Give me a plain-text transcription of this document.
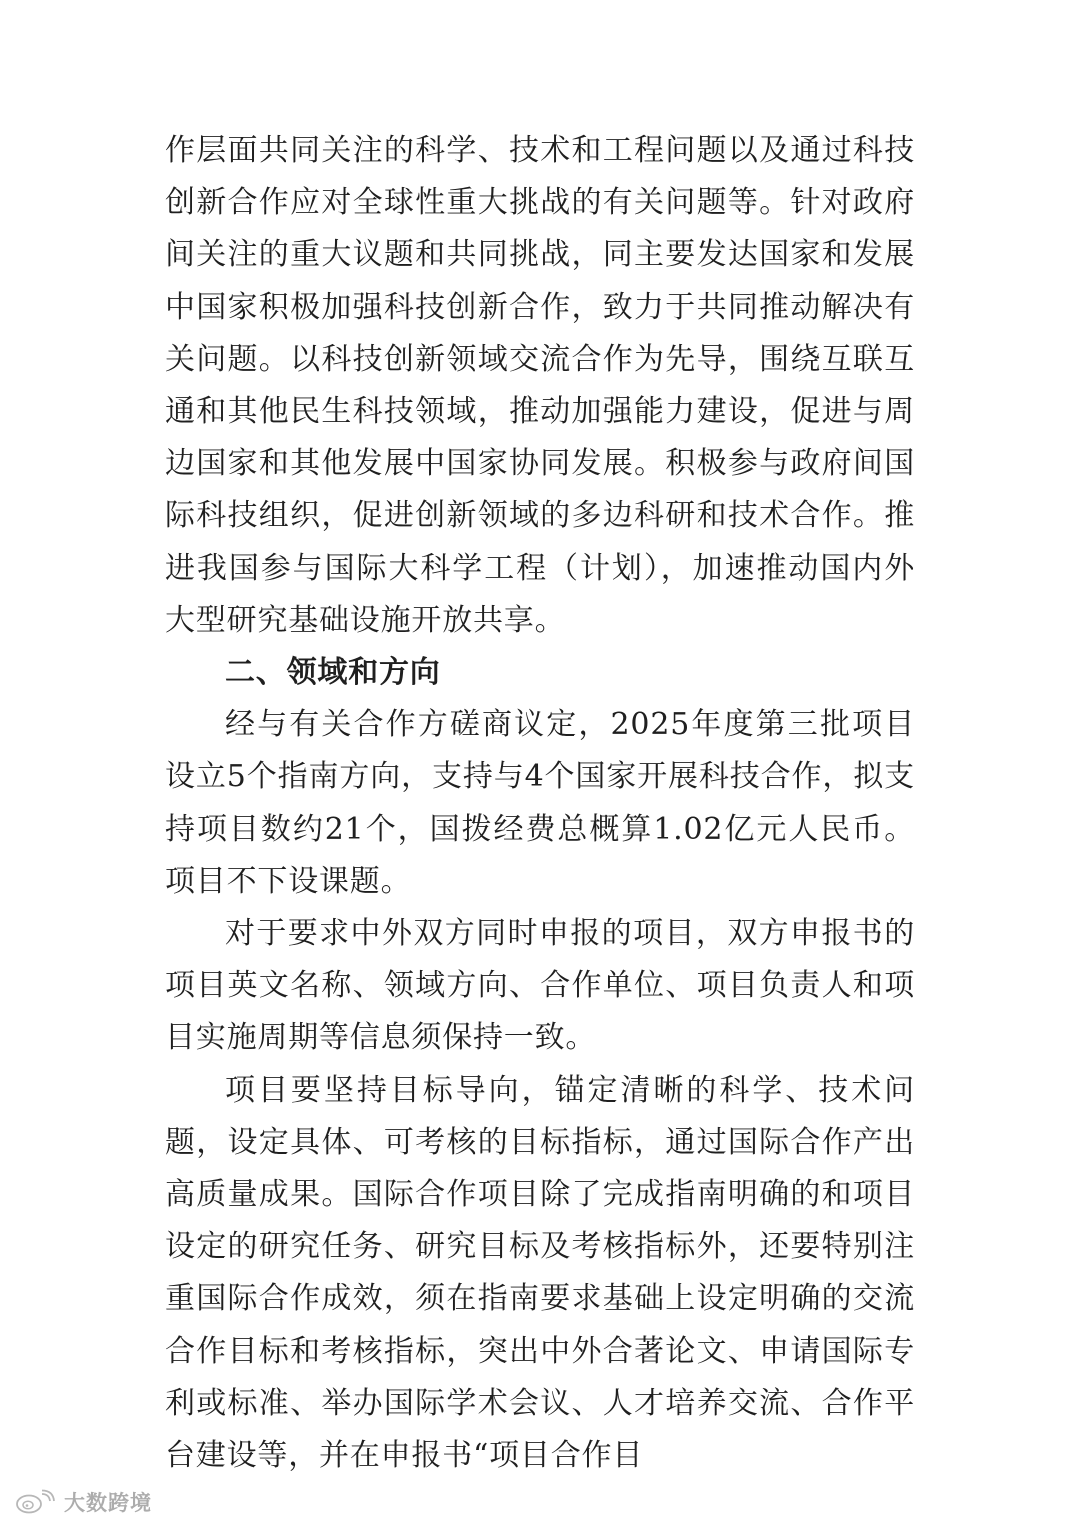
作层面共同关注的科学、技术和工程问题以及通过科技创新合作应对全球性重大挑战的有关问题等。针对政府间关注的重大议题和共同挑战，同主要发达国家和发展中国家积极加强科技创新合作，致力于共同推动解决有关问题。以科技创新领域交流合作为先导，围绕互联互通和其他民生科技领域，推动加强能力建设，促进与周边国家和其他发展中国家协同发展。积极参与政府间国际科技组织，促进创新领域的多边科研和技术合作。推进我国参与国际大科学工程（计划），加速推动国内外大型研究基础设施开放共享。

二、领域和方向

经与有关合作方磋商议定，2025年度第三批项目设立5个指南方向，支持与4个国家开展科技合作，拟支持项目数约21个，国拨经费总概算1.02亿元人民币。项目不下设课题。

对于要求中外双方同时申报的项目，双方申报书的项目英文名称、领域方向、合作单位、项目负责人和项目实施周期等信息须保持一致。

项目要坚持目标导向，锚定清晰的科学、技术问题，设定具体、可考核的目标指标，通过国际合作产出高质量成果。国际合作项目除了完成指南明确的和项目设定的研究任务、研究目标及考核指标外，还要特别注重国际合作成效，须在指南要求基础上设定明确的交流合作目标和考核指标，突出中外合著论文、申请国际专利或标准、举办国际学术会议、人才培养交流、合作平台建设等，并在申报书“项目合作目

大数跨境
